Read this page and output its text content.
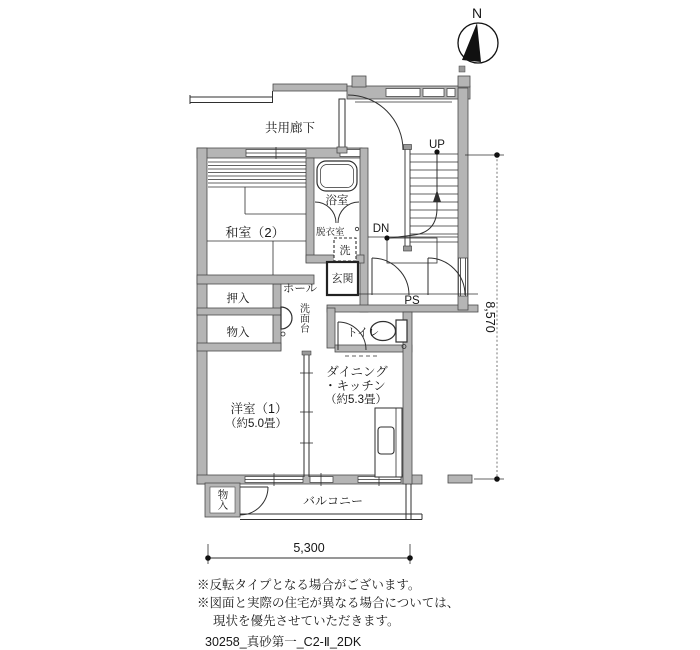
5,300
8,570
N
共用廊下
UP
DN
PS
浴室
脱衣室
洗
玄関
和室（2）
押入
ホール
物入	洗面台	トイレ
ダイニング
・キッチン
（約5.3畳）
洋室（1）
（約5.0畳）
バルコニー
物入
※反転タイプとなる場合がございます。
※図面と実際の住宅が異なる場合については、
現状を優先させていただきます。
30258_真砂第一_C2-Ⅱ_2DK
